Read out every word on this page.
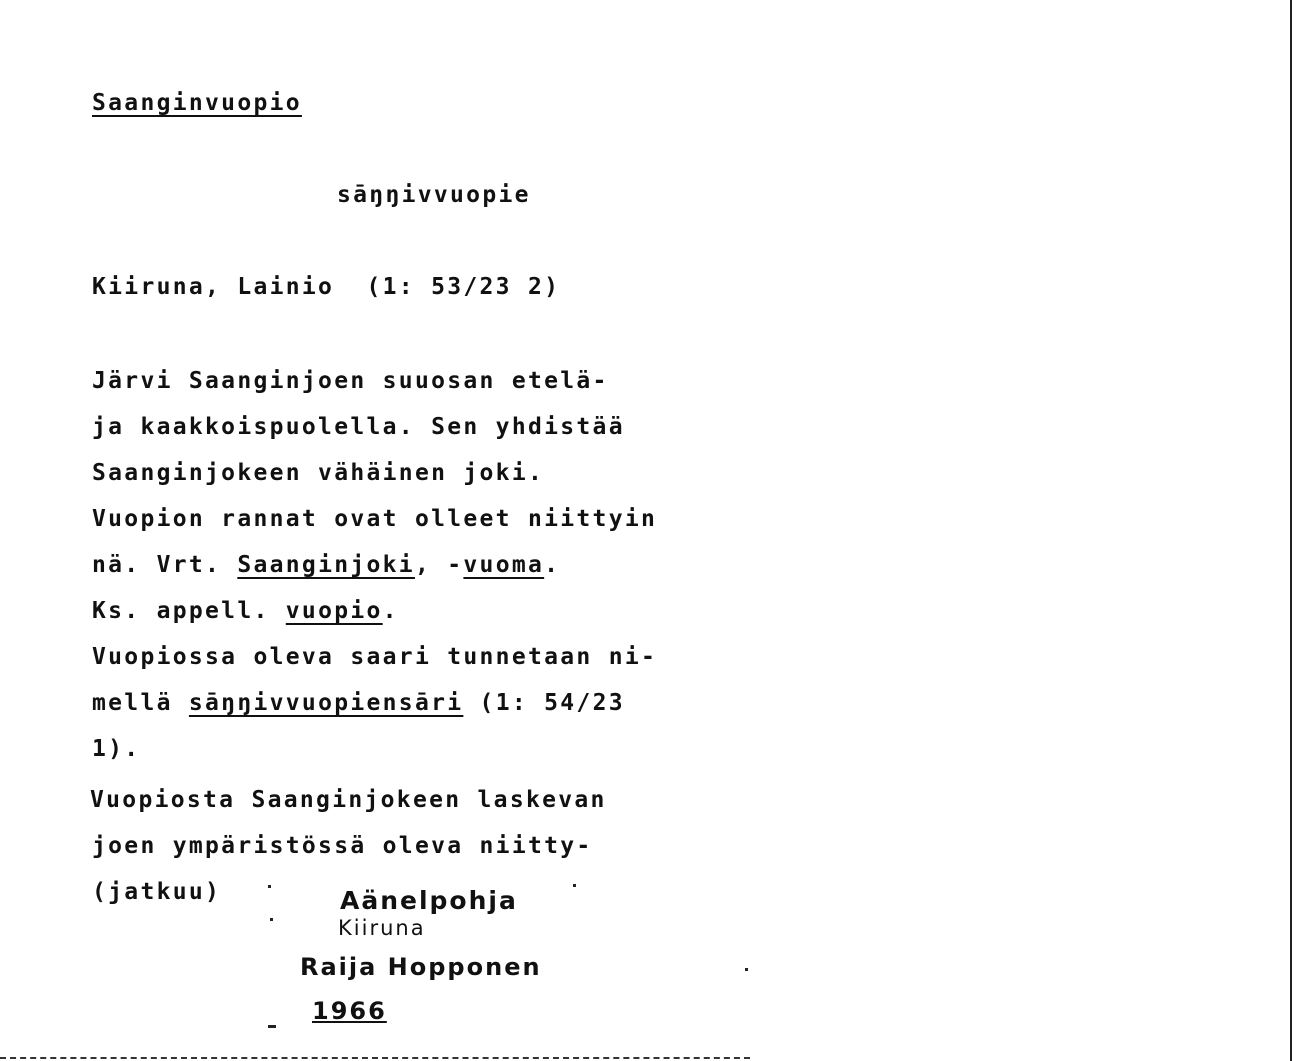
Saanginvuopio
sāŋŋivvuopie
Kiiruna, Lainio  (1: 53/23 2)
Järvi Saanginjoen suuosan etelä-
ja kaakkoispuolella. Sen yhdistää
Saanginjokeen vähäinen joki.
Vuopion rannat ovat olleet niittyin
nä. Vrt. Saanginjoki, -vuoma.
Ks. appell. vuopio.
Vuopiossa oleva saari tunnetaan ni-
mellä sāŋŋivvuopiensāri (1: 54/23
1).
Vuopiosta Saanginjokeen laskevan
joen ympäristössä oleva niitty-
(jatkuu)	Aänelpohja
Kiiruna
Raija Hopponen
1966
